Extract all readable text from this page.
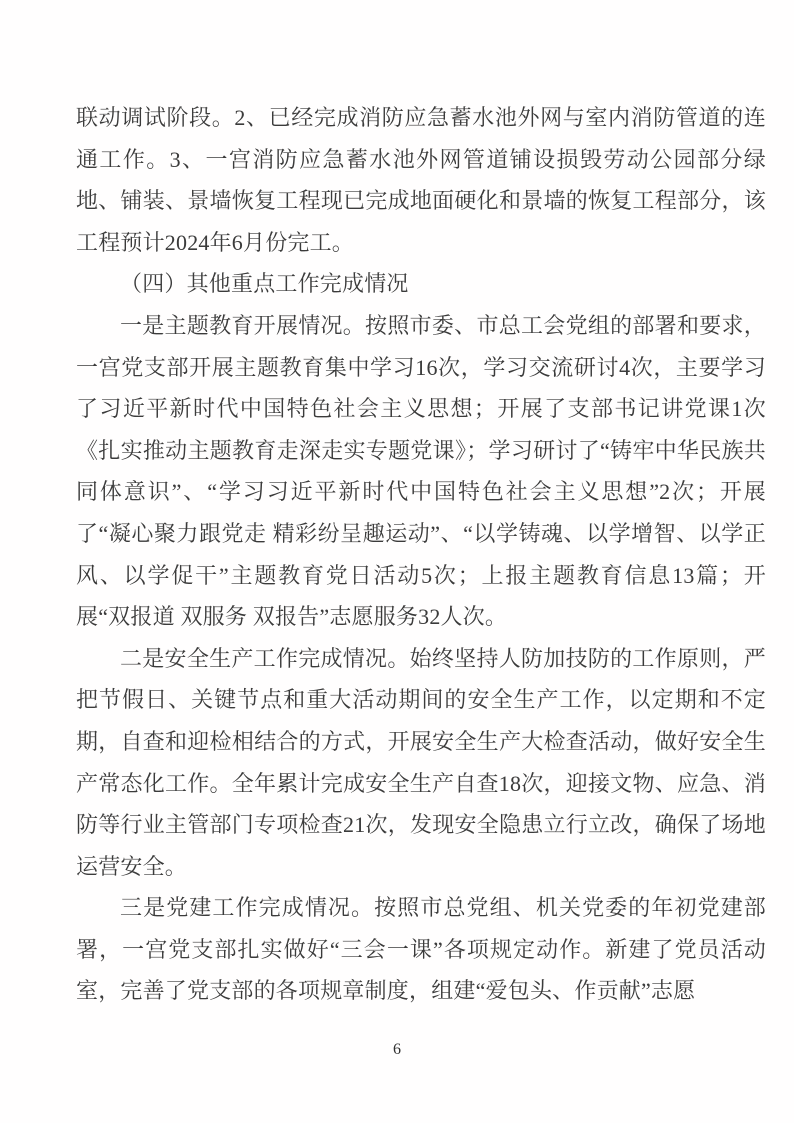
联动调试阶段。2、已经完成消防应急蓄水池外网与室内消防管道的连通工作。3、一宫消防应急蓄水池外网管道铺设损毁劳动公园部分绿地、铺装、景墙恢复工程现已完成地面硬化和景墙的恢复工程部分，该工程预计2024年6月份完工。

（四）其他重点工作完成情况

一是主题教育开展情况。按照市委、市总工会党组的部署和要求，一宫党支部开展主题教育集中学习16次，学习交流研讨4次，主要学习了习近平新时代中国特色社会主义思想；开展了支部书记讲党课1次《扎实推动主题教育走深走实专题党课》；学习研讨了“铸牢中华民族共同体意识”、“学习习近平新时代中国特色社会主义思想”2次；开展了“凝心聚力跟党走 精彩纷呈趣运动”、“以学铸魂、以学增智、以学正风、以学促干”主题教育党日活动5次；上报主题教育信息13篇；开展“双报道 双服务 双报告”志愿服务32人次。

二是安全生产工作完成情况。始终坚持人防加技防的工作原则，严把节假日、关键节点和重大活动期间的安全生产工作，以定期和不定期，自查和迎检相结合的方式，开展安全生产大检查活动，做好安全生产常态化工作。全年累计完成安全生产自查18次，迎接文物、应急、消防等行业主管部门专项检查21次，发现安全隐患立行立改，确保了场地运营安全。

三是党建工作完成情况。按照市总党组、机关党委的年初党建部署，一宫党支部扎实做好“三会一课”各项规定动作。新建了党员活动室，完善了党支部的各项规章制度，组建“爱包头、作贡献”志愿

6
